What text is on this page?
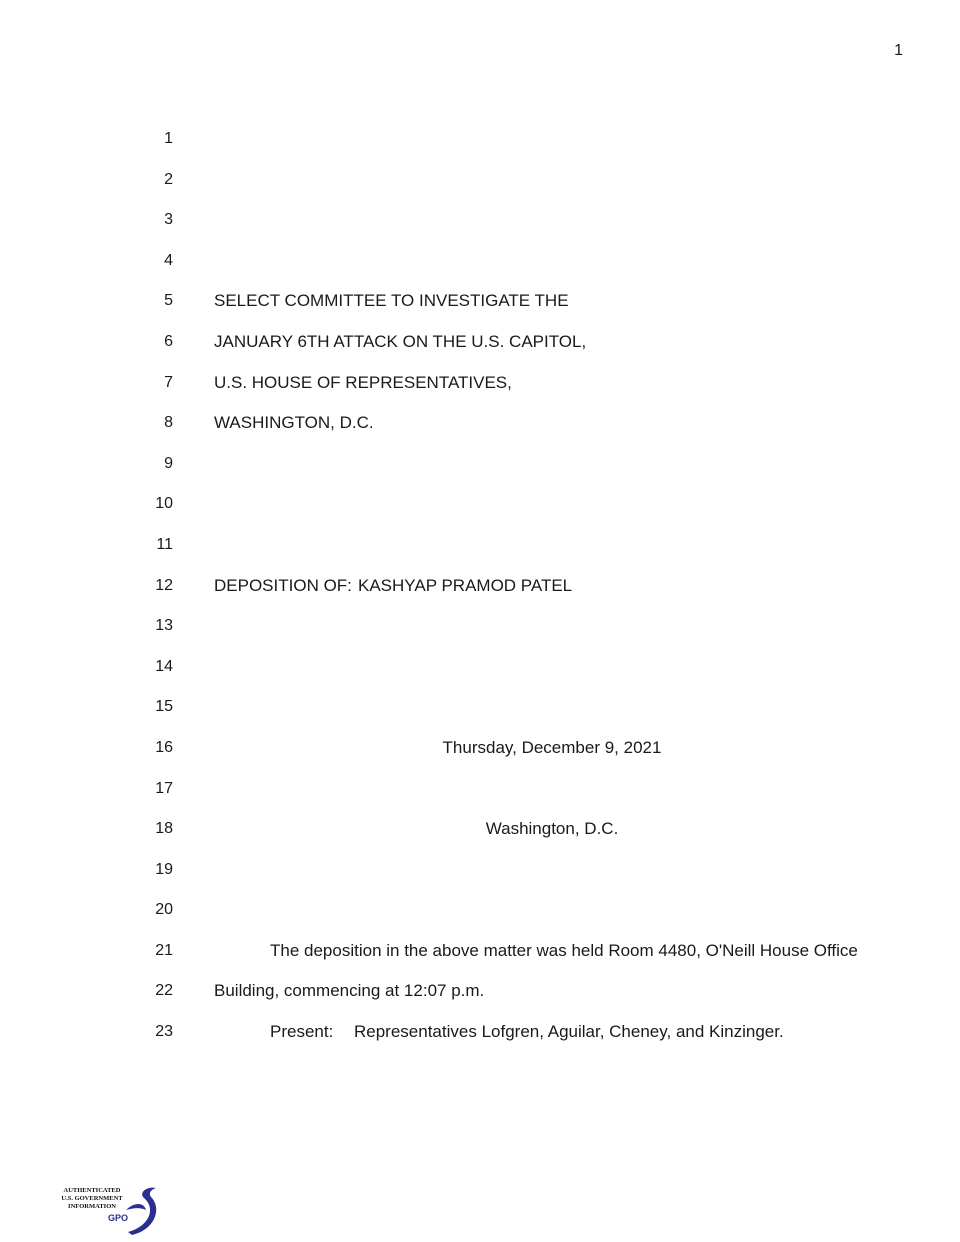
1
1
2
3
4
5 SELECT COMMITTEE TO INVESTIGATE THE
6 JANUARY 6TH ATTACK ON THE U.S. CAPITOL,
7 U.S. HOUSE OF REPRESENTATIVES,
8 WASHINGTON, D.C.
9
10
11
12 DEPOSITION OF: KASHYAP PRAMOD PATEL
13
14
15
16	Thursday, December 9, 2021
17
18	Washington, D.C.
19
20
21	The deposition in the above matter was held Room 4480, O'Neill House Office
22 Building, commencing at 12:07 p.m.
23	Present: Representatives Lofgren, Aguilar, Cheney, and Kinzinger.
AUTHENTICATED
U.S. GOVERNMENT
INFORMATION
GPO
